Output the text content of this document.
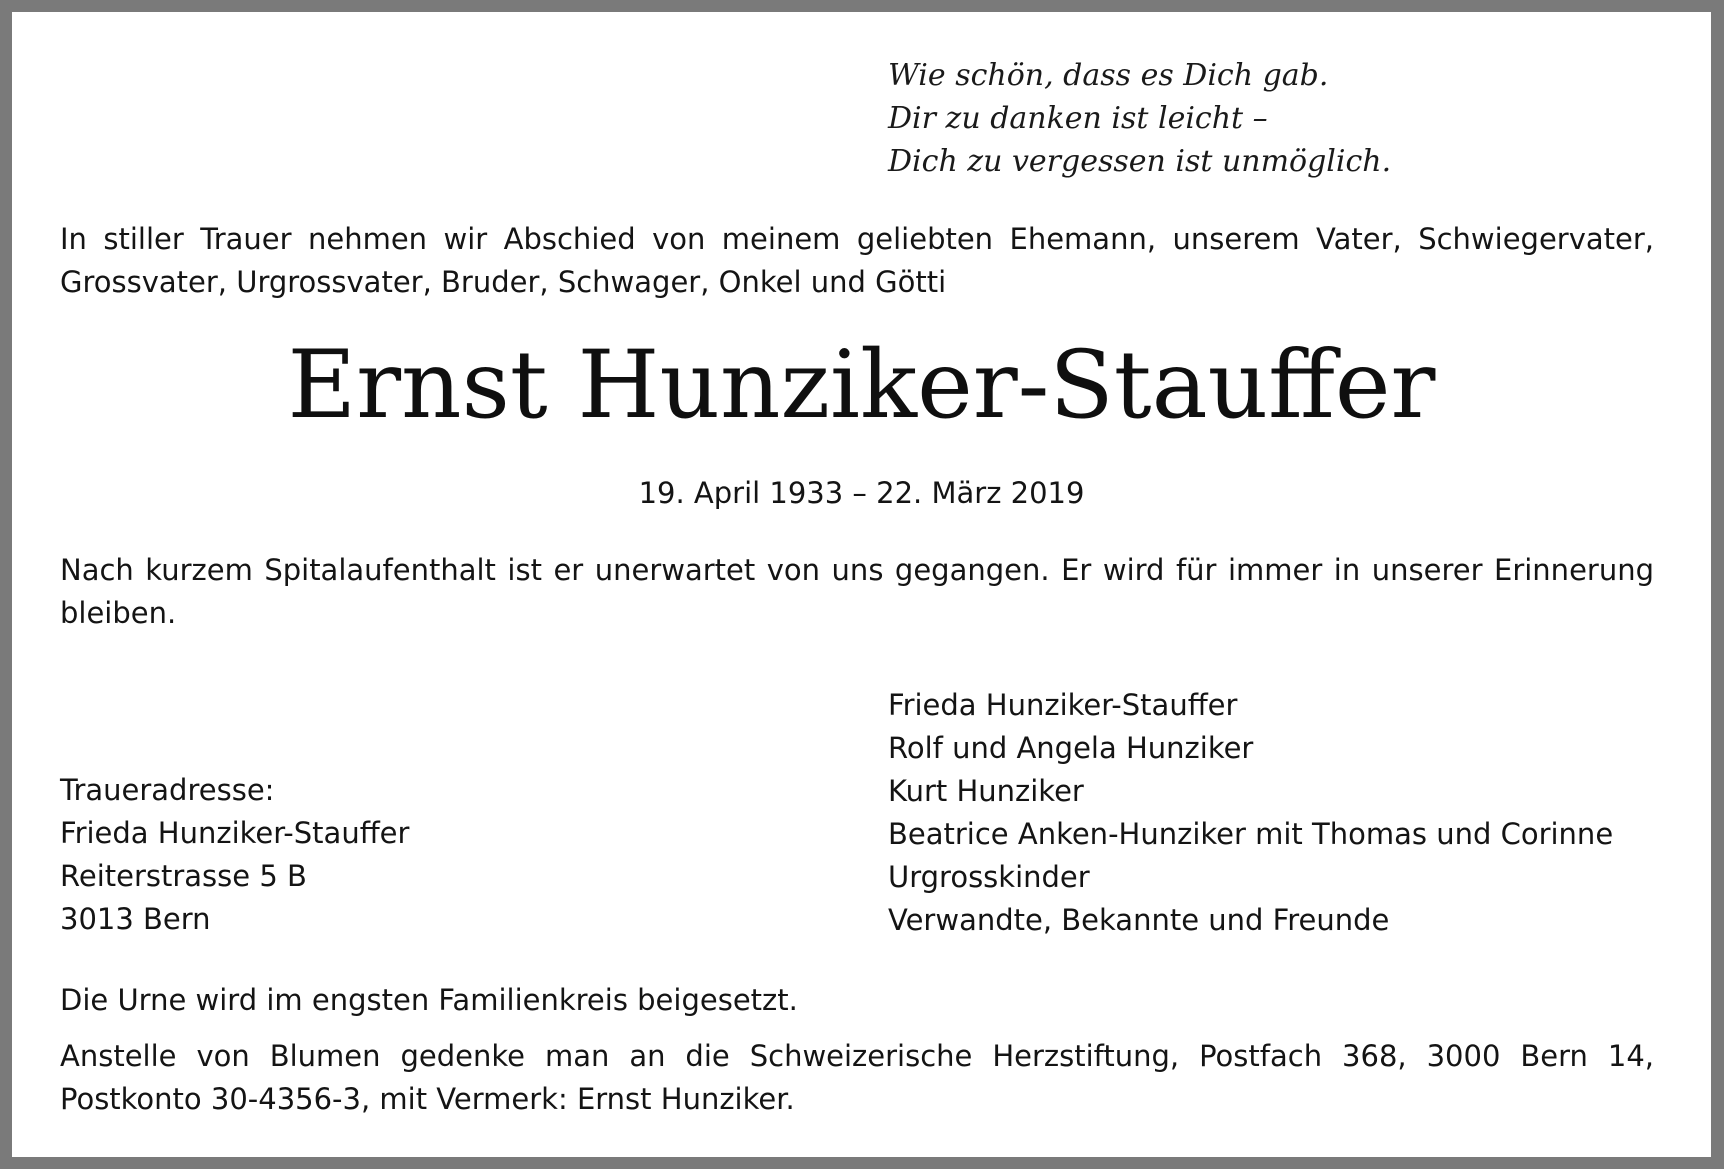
Wie schön, dass es Dich gab.
Dir zu danken ist leicht –
Dich zu vergessen ist unmöglich.
In stiller Trauer nehmen wir Abschied von meinem geliebten Ehemann, unserem Vater, Schwiegervater, Grossvater, Urgrossvater, Bruder, Schwager, Onkel und Götti
Ernst Hunziker-Stauffer
19. April 1933 – 22. März 2019
Nach kurzem Spitalaufenthalt ist er unerwartet von uns gegangen. Er wird für immer in unserer Erinnerung bleiben.
Frieda Hunziker-Stauffer
Rolf und Angela Hunziker
Kurt Hunziker
Beatrice Anken-Hunziker mit Thomas und Corinne
Urgrosskinder
Verwandte, Bekannte und Freunde
Traueradresse:
Frieda Hunziker-Stauffer
Reiterstrasse 5 B
3013 Bern
Die Urne wird im engsten Familienkreis beigesetzt.
Anstelle von Blumen gedenke man an die Schweizerische Herzstiftung, Postfach 368, 3000 Bern 14, Postkonto 30-4356-3, mit Vermerk: Ernst Hunziker.
